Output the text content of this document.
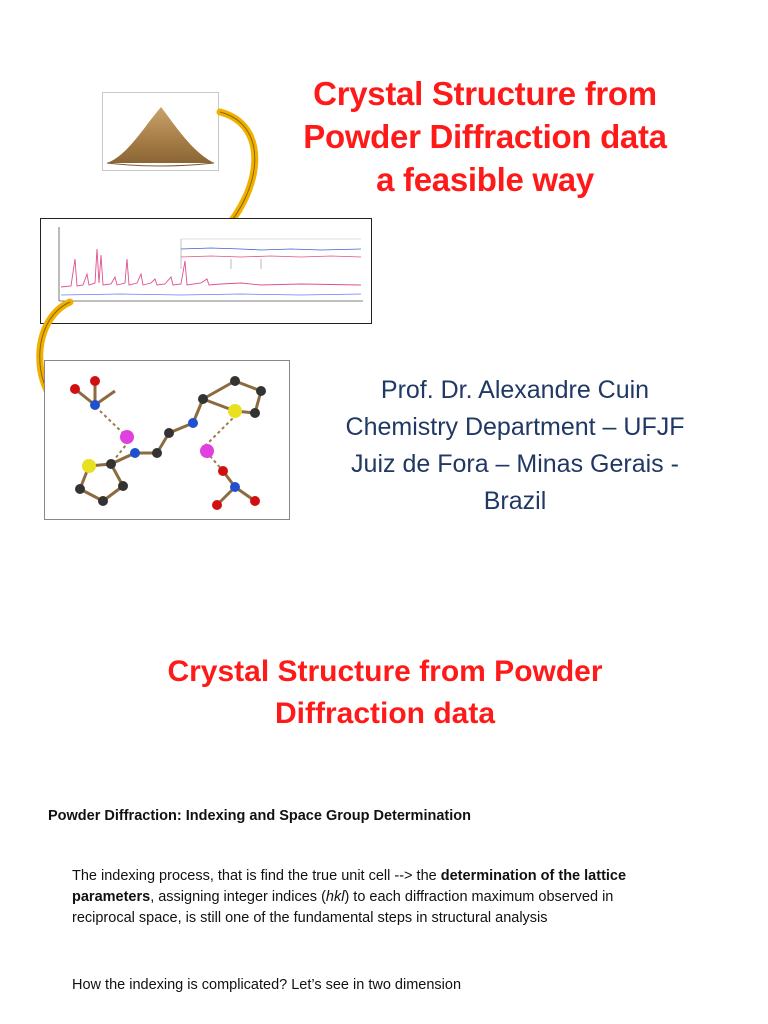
Crystal Structure from
Powder Diffraction data
a feasible way
Prof. Dr. Alexandre Cuin
Chemistry Department – UFJF
Juiz de Fora – Minas Gerais -
Brazil
Crystal Structure from Powder
Diffraction data
Powder Diffraction: Indexing and Space Group Determination
The indexing process, that is find the true unit cell --> the determination of the lattice parameters, assigning integer indices (hkl) to each diffraction maximum observed in reciprocal space, is still one of the fundamental steps in structural analysis
How the indexing is complicated? Let’s see in two dimension
